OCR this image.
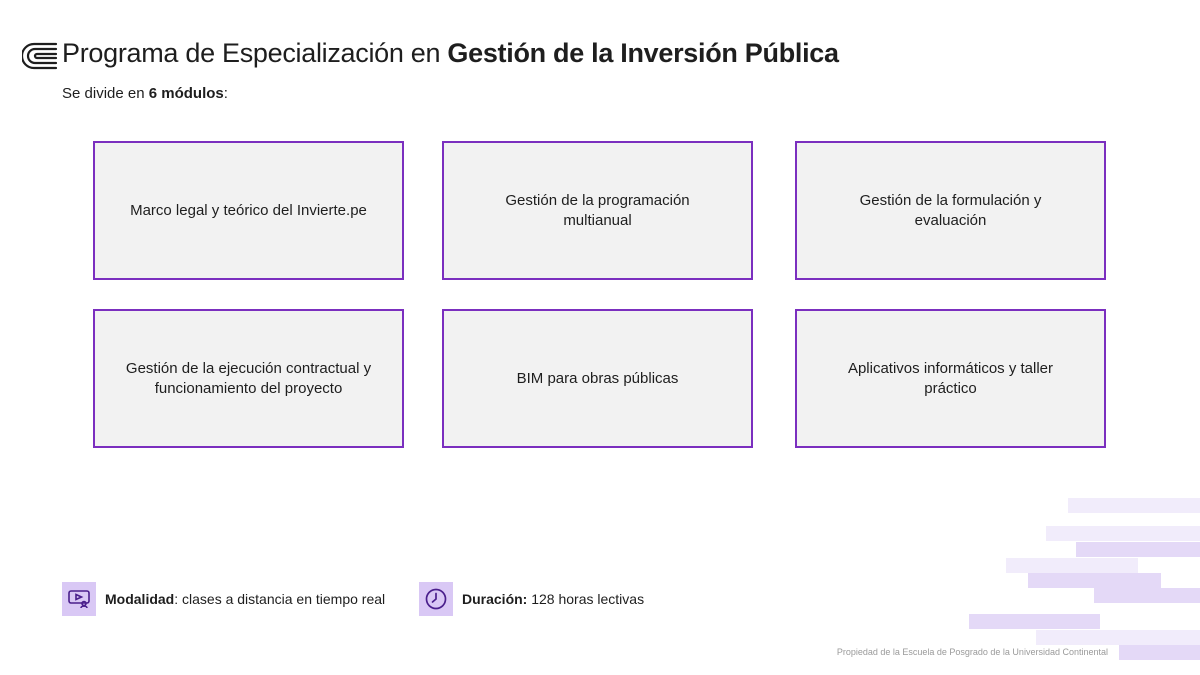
Programa de Especialización en Gestión de la Inversión Pública

Se divide en 6 módulos:

Marco legal y teórico del Invierte.pe
Gestión de la programación multianual
Gestión de la formulación y evaluación
Gestión de la ejecución contractual y funcionamiento del proyecto
BIM para obras públicas
Aplicativos informáticos y taller práctico
Modalidad: clases a distancia en tiempo real	Duración: 128 horas lectivas
Propiedad de la Escuela de Posgrado de la Universidad Continental
